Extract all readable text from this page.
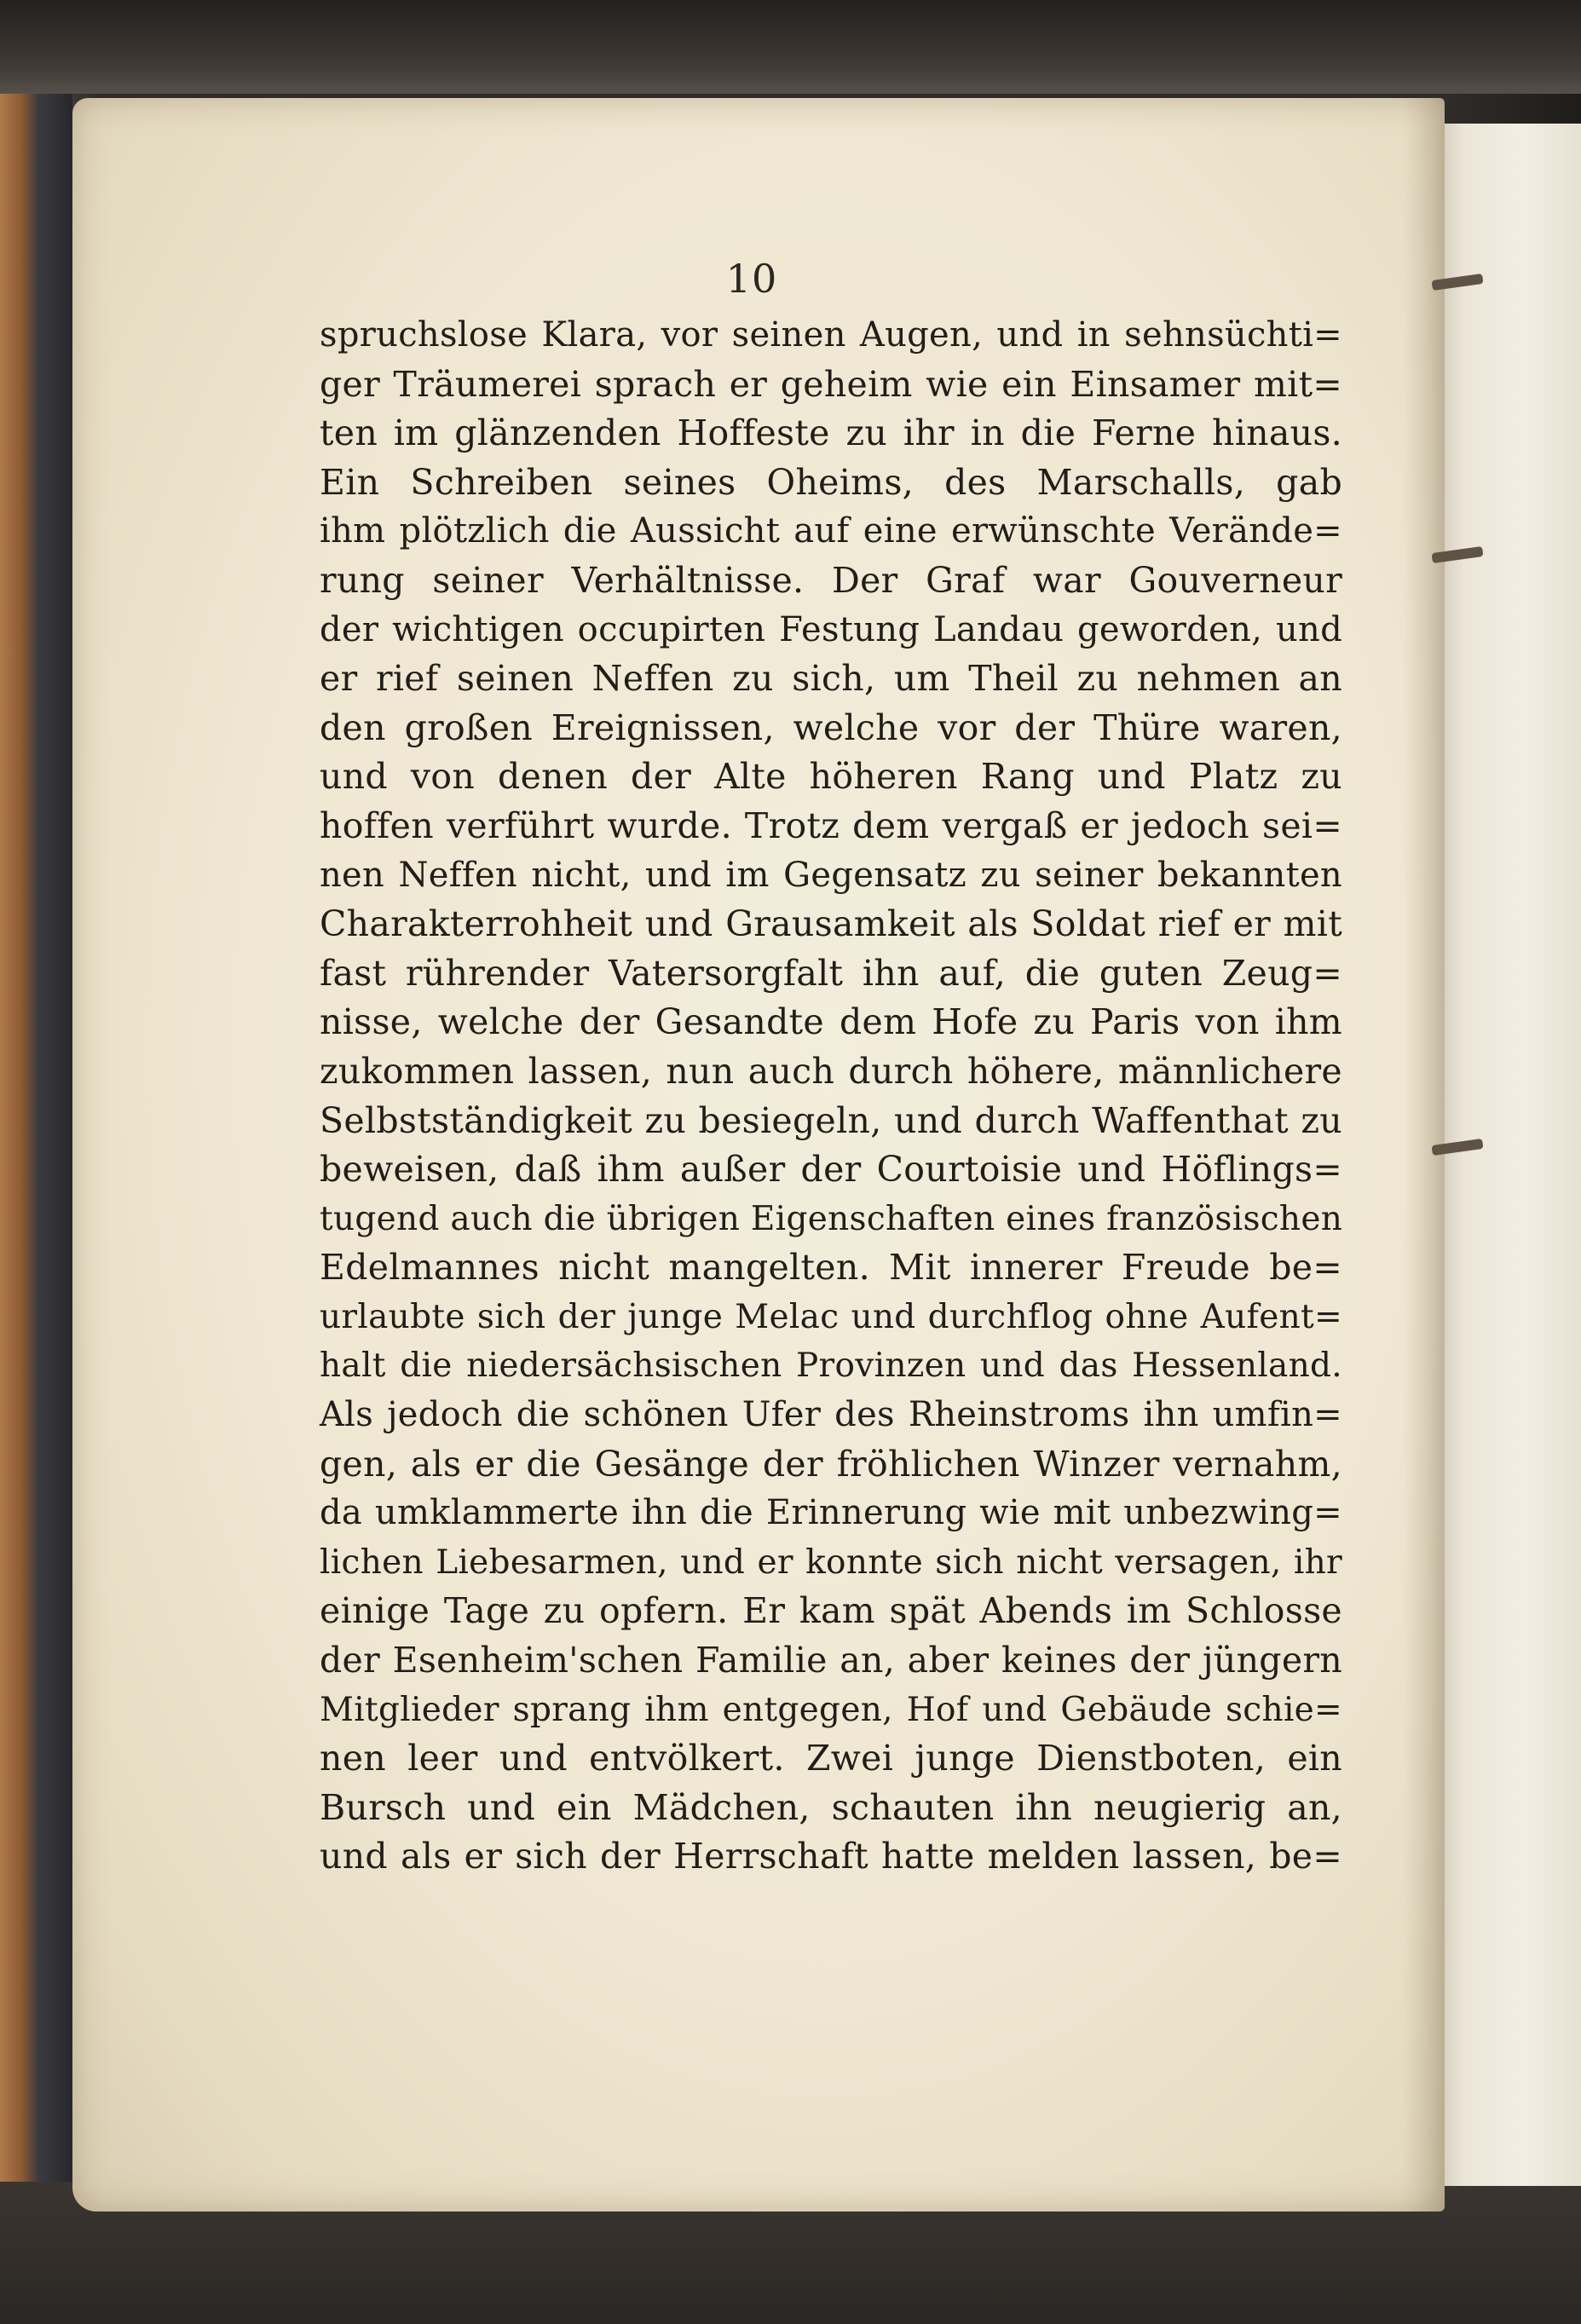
10
spruchslose Klara, vor seinen Augen, und in sehnsüchti=
ger Träumerei sprach er geheim wie ein Einsamer mit=
ten im glänzenden Hoffeste zu ihr in die Ferne hinaus.
Ein Schreiben seines Oheims, des Marschalls, gab
ihm plötzlich die Aussicht auf eine erwünschte Verände=
rung seiner Verhältnisse. Der Graf war Gouverneur
der wichtigen occupirten Festung Landau geworden, und
er rief seinen Neffen zu sich, um Theil zu nehmen an
den großen Ereignissen, welche vor der Thüre waren,
und von denen der Alte höheren Rang und Platz zu
hoffen verführt wurde. Trotz dem vergaß er jedoch sei=
nen Neffen nicht, und im Gegensatz zu seiner bekannten
Charakterrohheit und Grausamkeit als Soldat rief er mit
fast rührender Vatersorgfalt ihn auf, die guten Zeug=
nisse, welche der Gesandte dem Hofe zu Paris von ihm
zukommen lassen, nun auch durch höhere, männlichere
Selbstständigkeit zu besiegeln, und durch Waffenthat zu
beweisen, daß ihm außer der Courtoisie und Höflings=
tugend auch die übrigen Eigenschaften eines französischen
Edelmannes nicht mangelten. Mit innerer Freude be=
urlaubte sich der junge Melac und durchflog ohne Aufent=
halt die niedersächsischen Provinzen und das Hessenland.
Als jedoch die schönen Ufer des Rheinstroms ihn umfin=
gen, als er die Gesänge der fröhlichen Winzer vernahm,
da umklammerte ihn die Erinnerung wie mit unbezwing=
lichen Liebesarmen, und er konnte sich nicht versagen, ihr
einige Tage zu opfern. Er kam spät Abends im Schlosse
der Esenheim'schen Familie an, aber keines der jüngern
Mitglieder sprang ihm entgegen, Hof und Gebäude schie=
nen leer und entvölkert. Zwei junge Dienstboten, ein
Bursch und ein Mädchen, schauten ihn neugierig an,
und als er sich der Herrschaft hatte melden lassen, be=
